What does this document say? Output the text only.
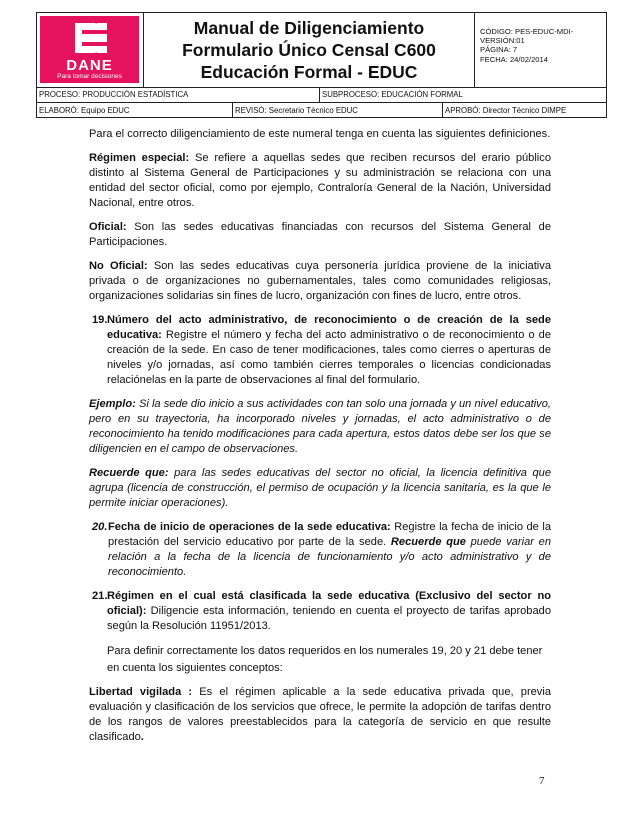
DANE
Para tomar decisiones
Manual de Diligenciamiento
Formulario Único Censal C600
Educación Formal - EDUC
CÓDIGO: PES-EDUC-MDI-
VERSIÓN:01
PÁGINA: 7
FECHA: 24/02/2014
PROCESO: PRODUCCIÓN ESTADÍSTICA	SUBPROCESO: EDUCACIÓN FORMAL
ELABORÓ: Equipo EDUC	REVISÓ: Secretario Técnico EDUC	APROBÓ: Director Técnico DIMPE

Para el correcto diligenciamiento de este numeral tenga en cuenta las siguientes definiciones.

Régimen especial: Se refiere a aquellas sedes que reciben recursos del erario público distinto al Sistema General de Participaciones y su administración se relaciona con una entidad del sector oficial, como por ejemplo, Contraloría General de la Nación, Universidad Nacional, entre otros.

Oficial: Son las sedes educativas financiadas con recursos del Sistema General de Participaciones.

No Oficial: Son las sedes educativas cuya personería jurídica proviene de la iniciativa privada o de organizaciones no gubernamentales, tales como comunidades religiosas, organizaciones solidarias sin fines de lucro, organización con fines de lucro, entre otros.

19. Número del acto administrativo, de reconocimiento o de creación de la sede educativa: Registre el número y fecha del acto administrativo o de reconocimiento o de creación de la sede. En caso de tener modificaciones, tales como cierres o aperturas de niveles y/o jornadas, así como también cierres temporales o licencias condicionadas relaciónelas en la parte de observaciones al final del formulario.

Ejemplo: Si la sede dio inicio a sus actividades con tan solo una jornada y un nivel educativo, pero en su trayectoria, ha incorporado niveles y jornadas, el acto administrativo o de reconocimiento ha tenido modificaciones para cada apertura, estos datos debe ser los que se diligencien en el campo de observaciones.

Recuerde que: para las sedes educativas del sector no oficial, la licencia definitiva que agrupa (licencia de construcción, el permiso de ocupación y la licencia sanitaria, es la que le permite iniciar operaciones).

20. Fecha de inicio de operaciones de la sede educativa: Registre la fecha de inicio de la prestación del servicio educativo por parte de la sede. Recuerde que puede variar en relación a la fecha de la licencia de funcionamiento y/o acto administrativo y de reconocimiento.
21. Régimen en el cual está clasificada la sede educativa (Exclusivo del sector no oficial): Diligencie esta información, teniendo en cuenta el proyecto de tarifas aprobado según la Resolución 11951/2013.

Para definir correctamente los datos requeridos en los numerales 19, 20 y 21 debe tener en cuenta los siguientes conceptos:

Libertad vigilada : Es el régimen aplicable a la sede educativa privada que, previa evaluación y clasificación de los servicios que ofrece, le permite la adopción de tarifas dentro de los rangos de valores preestablecidos para la categoría de servicio en que resulte clasificado.

7
